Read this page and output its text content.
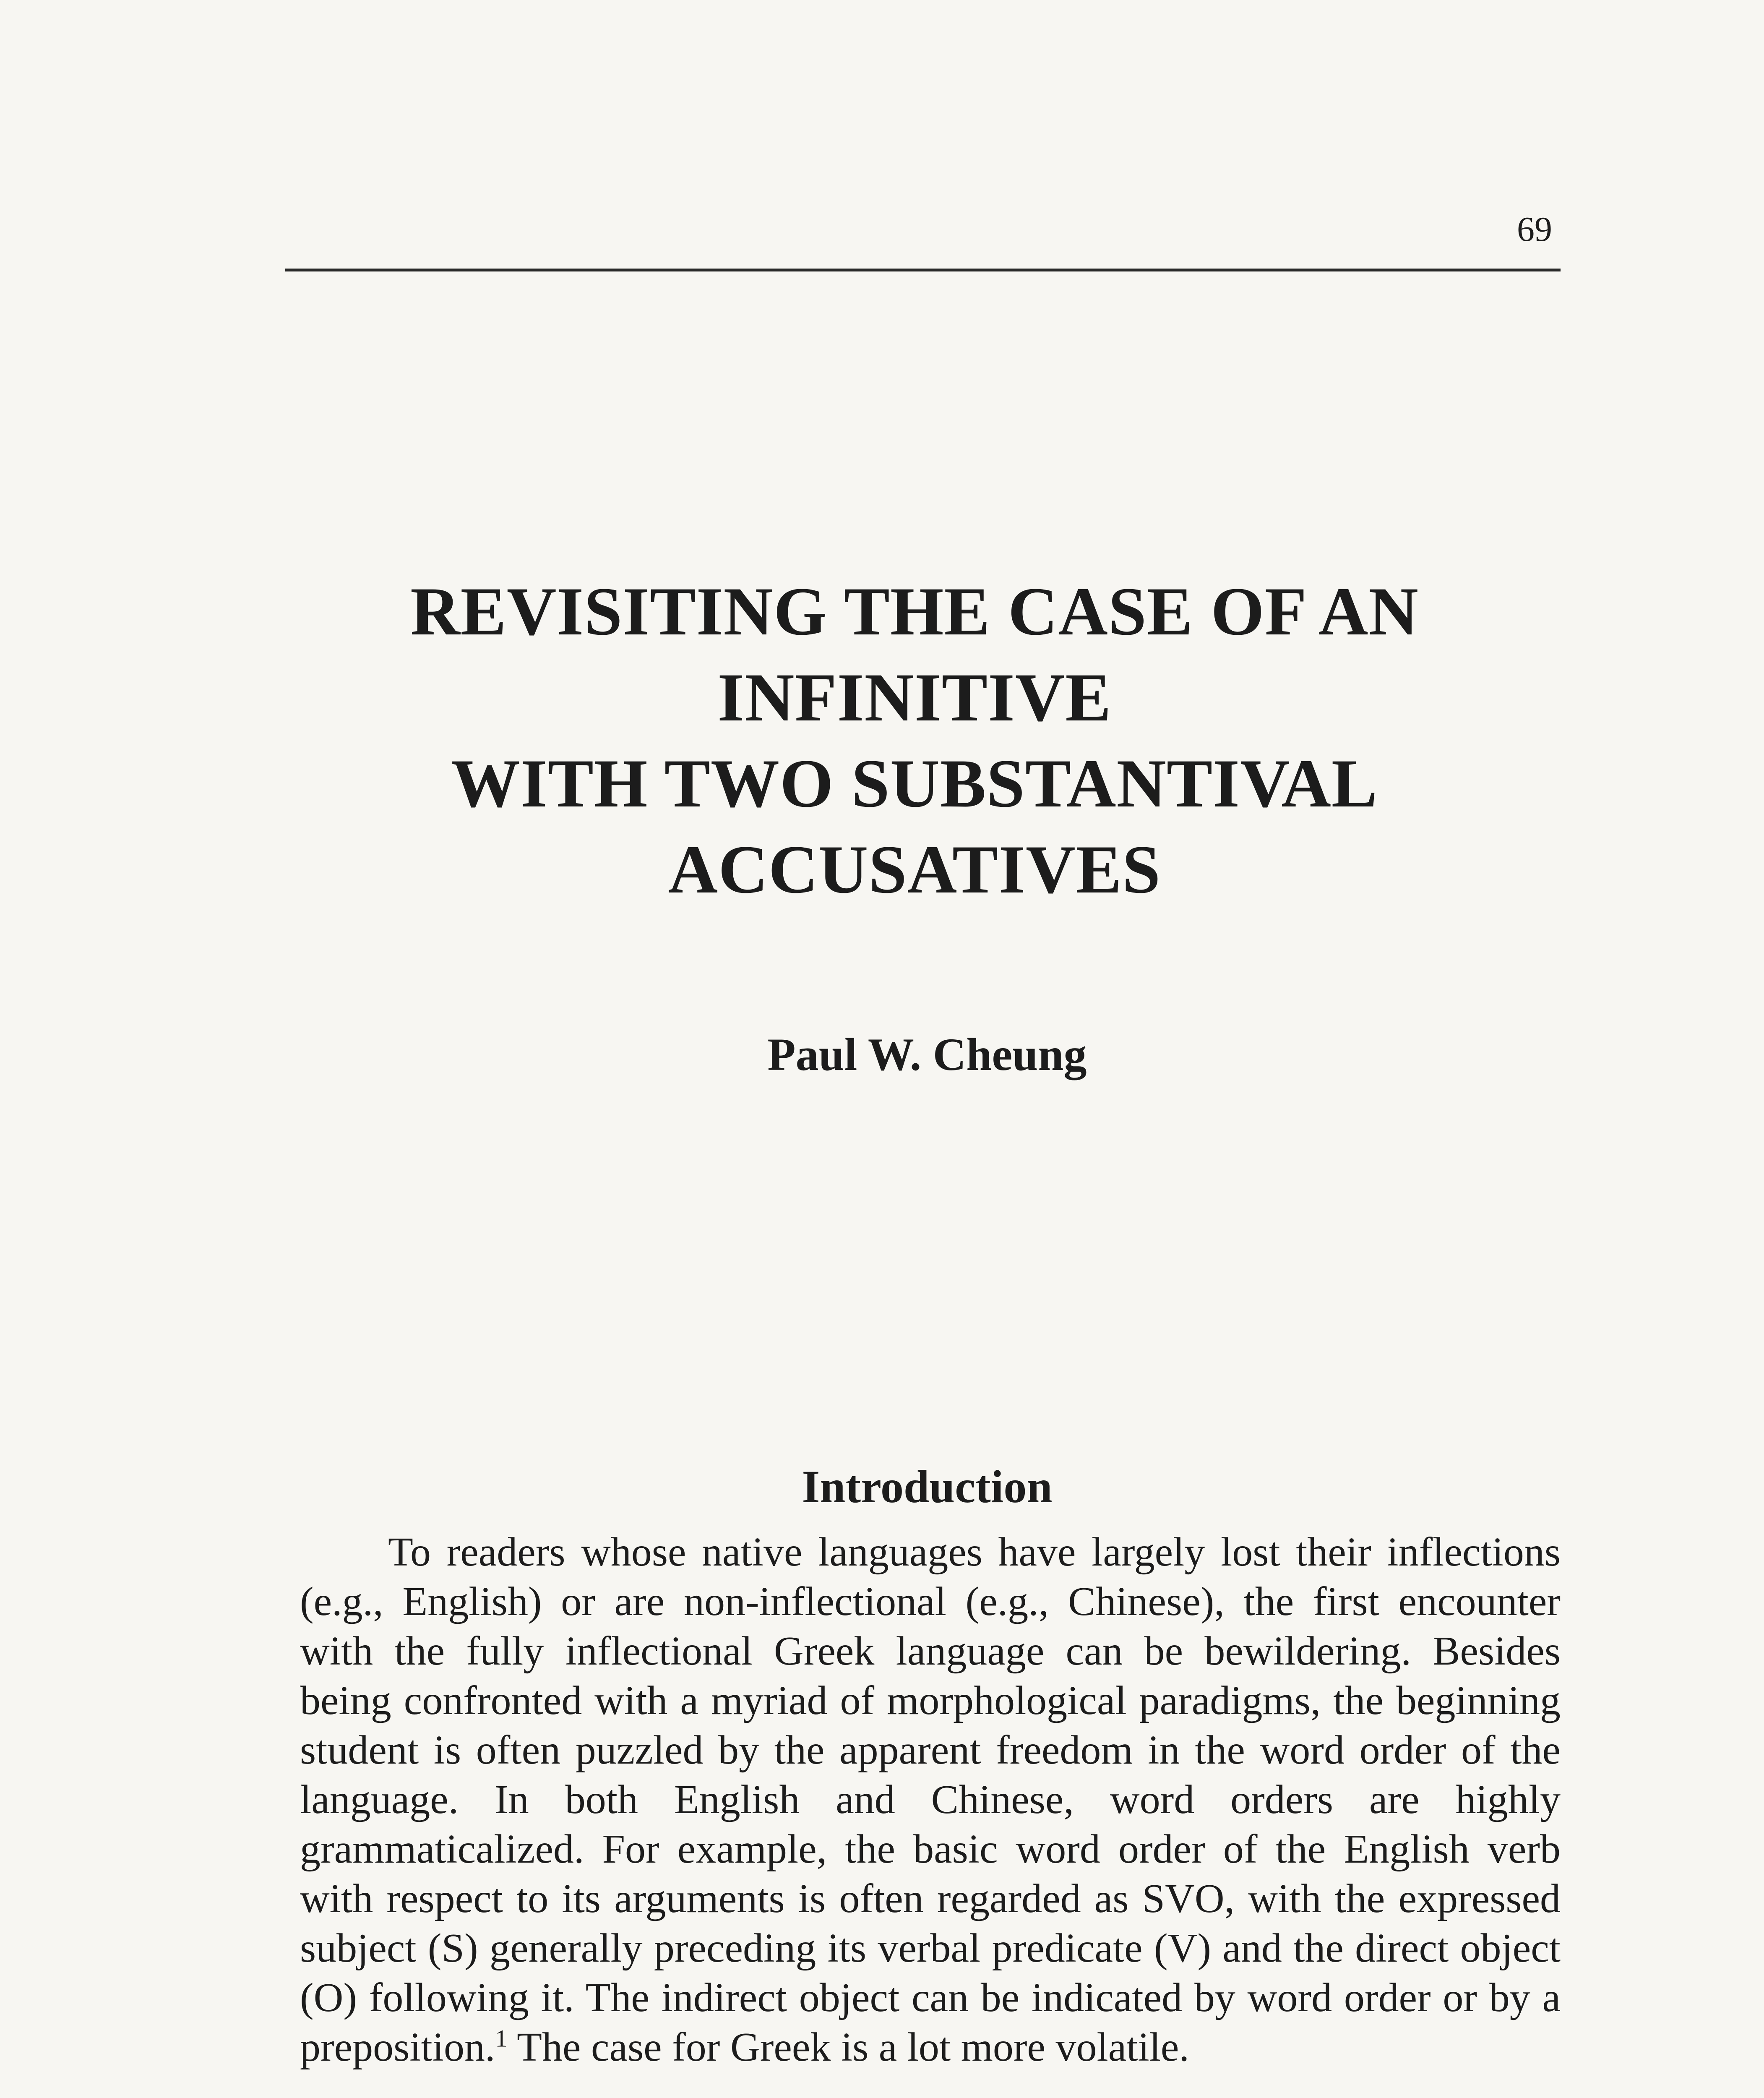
69
REVISITING THE CASE OF AN INFINITIVE
WITH TWO SUBSTANTIVAL ACCUSATIVES
Paul W. Cheung
Introduction

To readers whose native languages have largely lost their inflections (e.g., English) or are non-inflectional (e.g., Chinese), the first encounter with the fully inflectional Greek language can be bewildering. Besides being confronted with a myriad of morphological paradigms, the beginning student is often puzzled by the apparent freedom in the word order of the language. In both English and Chinese, word orders are highly grammaticalized. For example, the basic word order of the English verb with respect to its arguments is often regarded as SVO, with the expressed subject (S) generally preceding its verbal predicate (V) and the direct object (O) following it. The indirect object can be indicated by word order or by a preposition.$^1$ The case for Greek is a lot more volatile.
